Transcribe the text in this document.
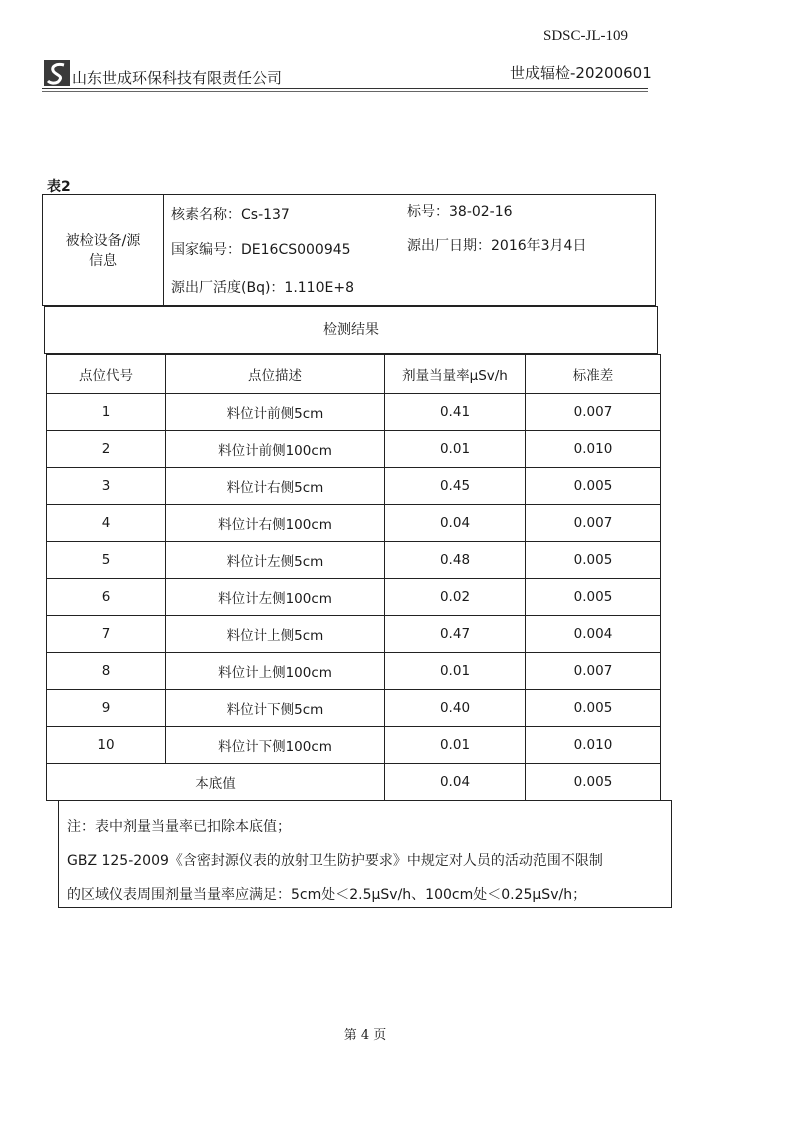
SDSC-JL-109
山东世成环保科技有限责任公司	世成辐检-20200601
表2
被检设备/源
信息
核素名称：Cs-137	标号：38-02-16
国家编号：DE16CS000945	源出厂日期：2016年3月4日
源出厂活度(Bq)：1.110E+8
检测结果
点位代号	点位描述	剂量当量率μSv/h	标准差
1	料位计前侧5cm	0.41	0.007
2	料位计前侧100cm	0.01	0.010
3	料位计右侧5cm	0.45	0.005
4	料位计右侧100cm	0.04	0.007
5	料位计左侧5cm	0.48	0.005
6	料位计左侧100cm	0.02	0.005
7	料位计上侧5cm	0.47	0.004
8	料位计上侧100cm	0.01	0.007
9	料位计下侧5cm	0.40	0.005
10	料位计下侧100cm	0.01	0.010
本底值		0.04	0.005
注：表中剂量当量率已扣除本底值；
GBZ 125-2009《含密封源仪表的放射卫生防护要求》中规定对人员的活动范围不限制
的区域仪表周围剂量当量率应满足：5cm处＜2.5μSv/h、100cm处＜0.25μSv/h；
第 4 页
